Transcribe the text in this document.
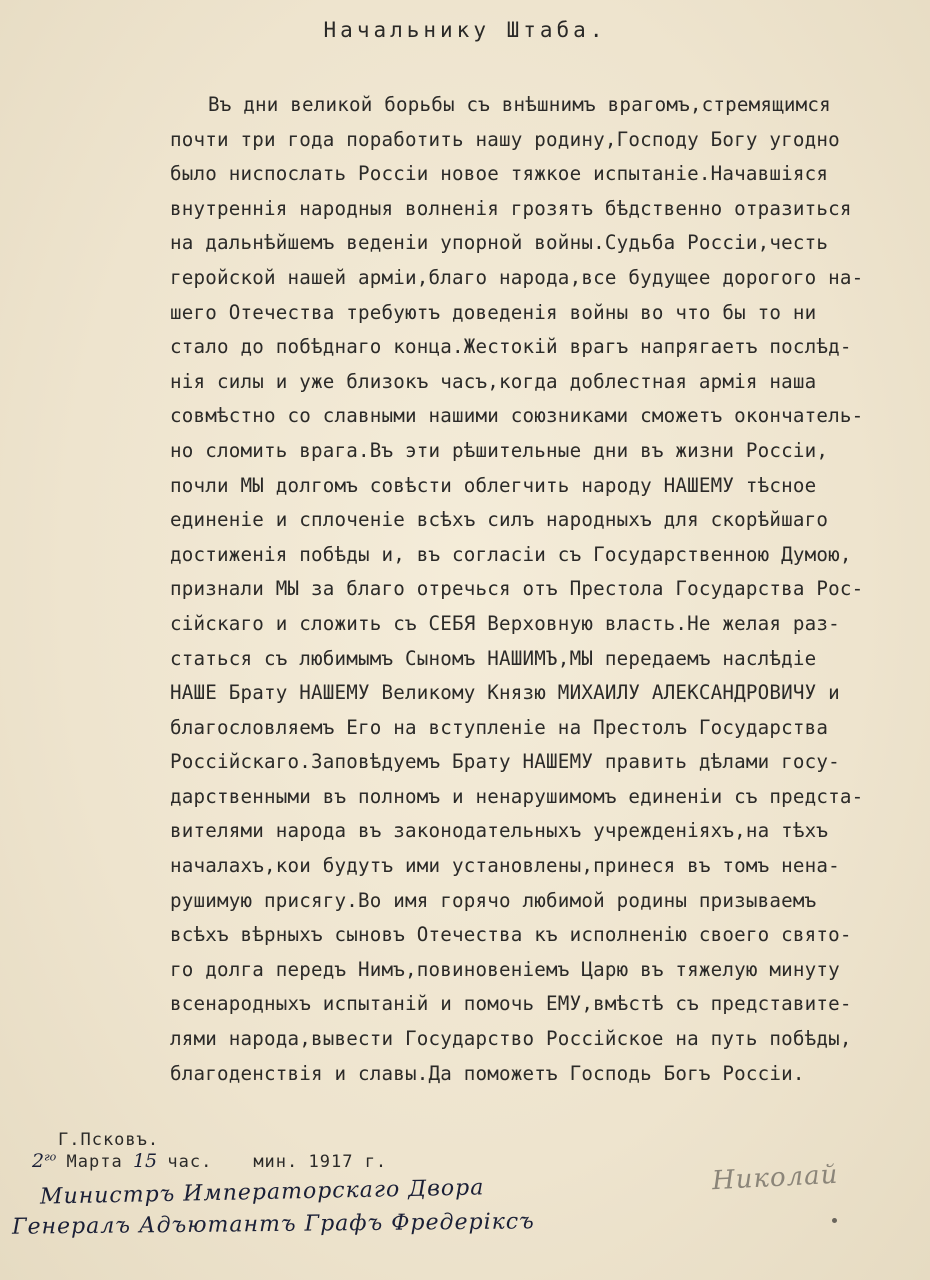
Начальнику Штаба.
Въ дни великой борьбы съ внѣшнимъ врагомъ,стремящимся
почти три года поработить нашу родину,Господу Богу угодно
было ниспослать Россіи новое тяжкое испытаніе.Начавшіяся
внутреннія народныя волненія грозятъ бѣдственно отразиться
на дальнѣйшемъ веденіи упорной войны.Судьба Россіи,честь
геройской нашей арміи,благо народа,все будущее дорогого на-
шего Отечества требуютъ доведенія войны во что бы то ни
стало до побѣднаго конца.Жестокій врагъ напрягаетъ послѣд-
нія силы и уже близокъ часъ,когда доблестная армія наша
совмѣстно со славными нашими союзниками сможетъ окончатель-
но сломить врага.Въ эти рѣшительные дни въ жизни Россіи,
почли МЫ долгомъ совѣсти облегчить народу НАШЕМУ тѣсное
единеніе и сплоченіе всѣхъ силъ народныхъ для скорѣйшаго
достиженія побѣды и, въ согласіи съ Государственною Думою,
признали МЫ за благо отречься отъ Престола Государства Рос-
сійскаго и сложить съ СЕБЯ Верховную власть.Не желая раз-
статься съ любимымъ Сыномъ НАШИМЪ,МЫ передаемъ наслѣдіе
НАШЕ Брату НАШЕМУ Великому Князю МИХАИЛУ АЛЕКСАНДРОВИЧУ и
благословляемъ Его на вступленіе на Престолъ Государства
Россійскаго.Заповѣдуемъ Брату НАШЕМУ править дѣлами госу-
дарственными въ полномъ и ненарушимомъ единеніи съ предста-
вителями народа въ законодательныхъ учрежденіяхъ,на тѣхъ
началахъ,кои будутъ ими установлены,принеся въ томъ нена-
рушимую присягу.Во имя горячо любимой родины призываемъ
всѣхъ вѣрныхъ сыновъ Отечества къ исполненію своего свято-
го долга передъ Нимъ,повиновеніемъ Царю въ тяжелую минуту
всенародныхъ испытаній и помочь ЕМУ,вмѣстѣ съ представите-
лями народа,вывести Государство Россійское на путь побѣды,
благоденствія и славы.Да поможетъ Господь Богъ Россіи.
Г.Псковъ.
$2^{го}$ Марта 15 час. мин. 1917 г.
Министръ Императорскаго Двора
Генералъ Адъютантъ Графъ Фредерiксъ
Николай
